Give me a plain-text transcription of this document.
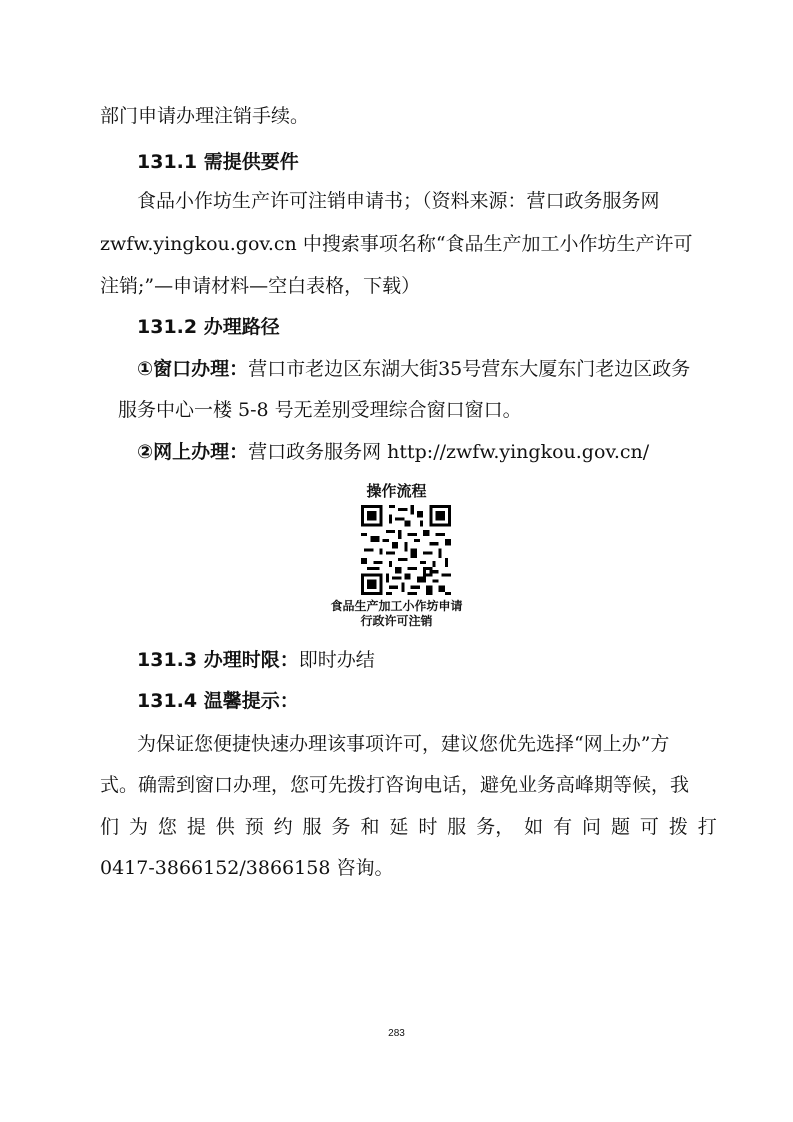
部门申请办理注销手续。
131.1 需提供要件
食品小作坊生产许可注销申请书；（资料来源：营口政务服务网
zwfw.yingkou.gov.cn 中搜索事项名称“食品生产加工小作坊生产许可
注销;”—申请材料—空白表格，下载）
131.2 办理路径
①窗口办理：营口市老边区东湖大街35号营东大厦东门老边区政务
服务中心一楼 5-8 号无差别受理综合窗口窗口。
②网上办理：营口政务服务网 http://zwfw.yingkou.gov.cn/
操作流程
食品生产加工小作坊申请
行政许可注销
131.3 办理时限：即时办结
131.4 温馨提示：
为保证您便捷快速办理该事项许可，建议您优先选择“网上办”方
式。确需到窗口办理，您可先拨打咨询电话，避免业务高峰期等候，我
们 为 您 提 供 预 约 服 务 和 延 时 服 务， 如 有 问 题 可 拨 打
0417-3866152/3866158 咨询。
283
